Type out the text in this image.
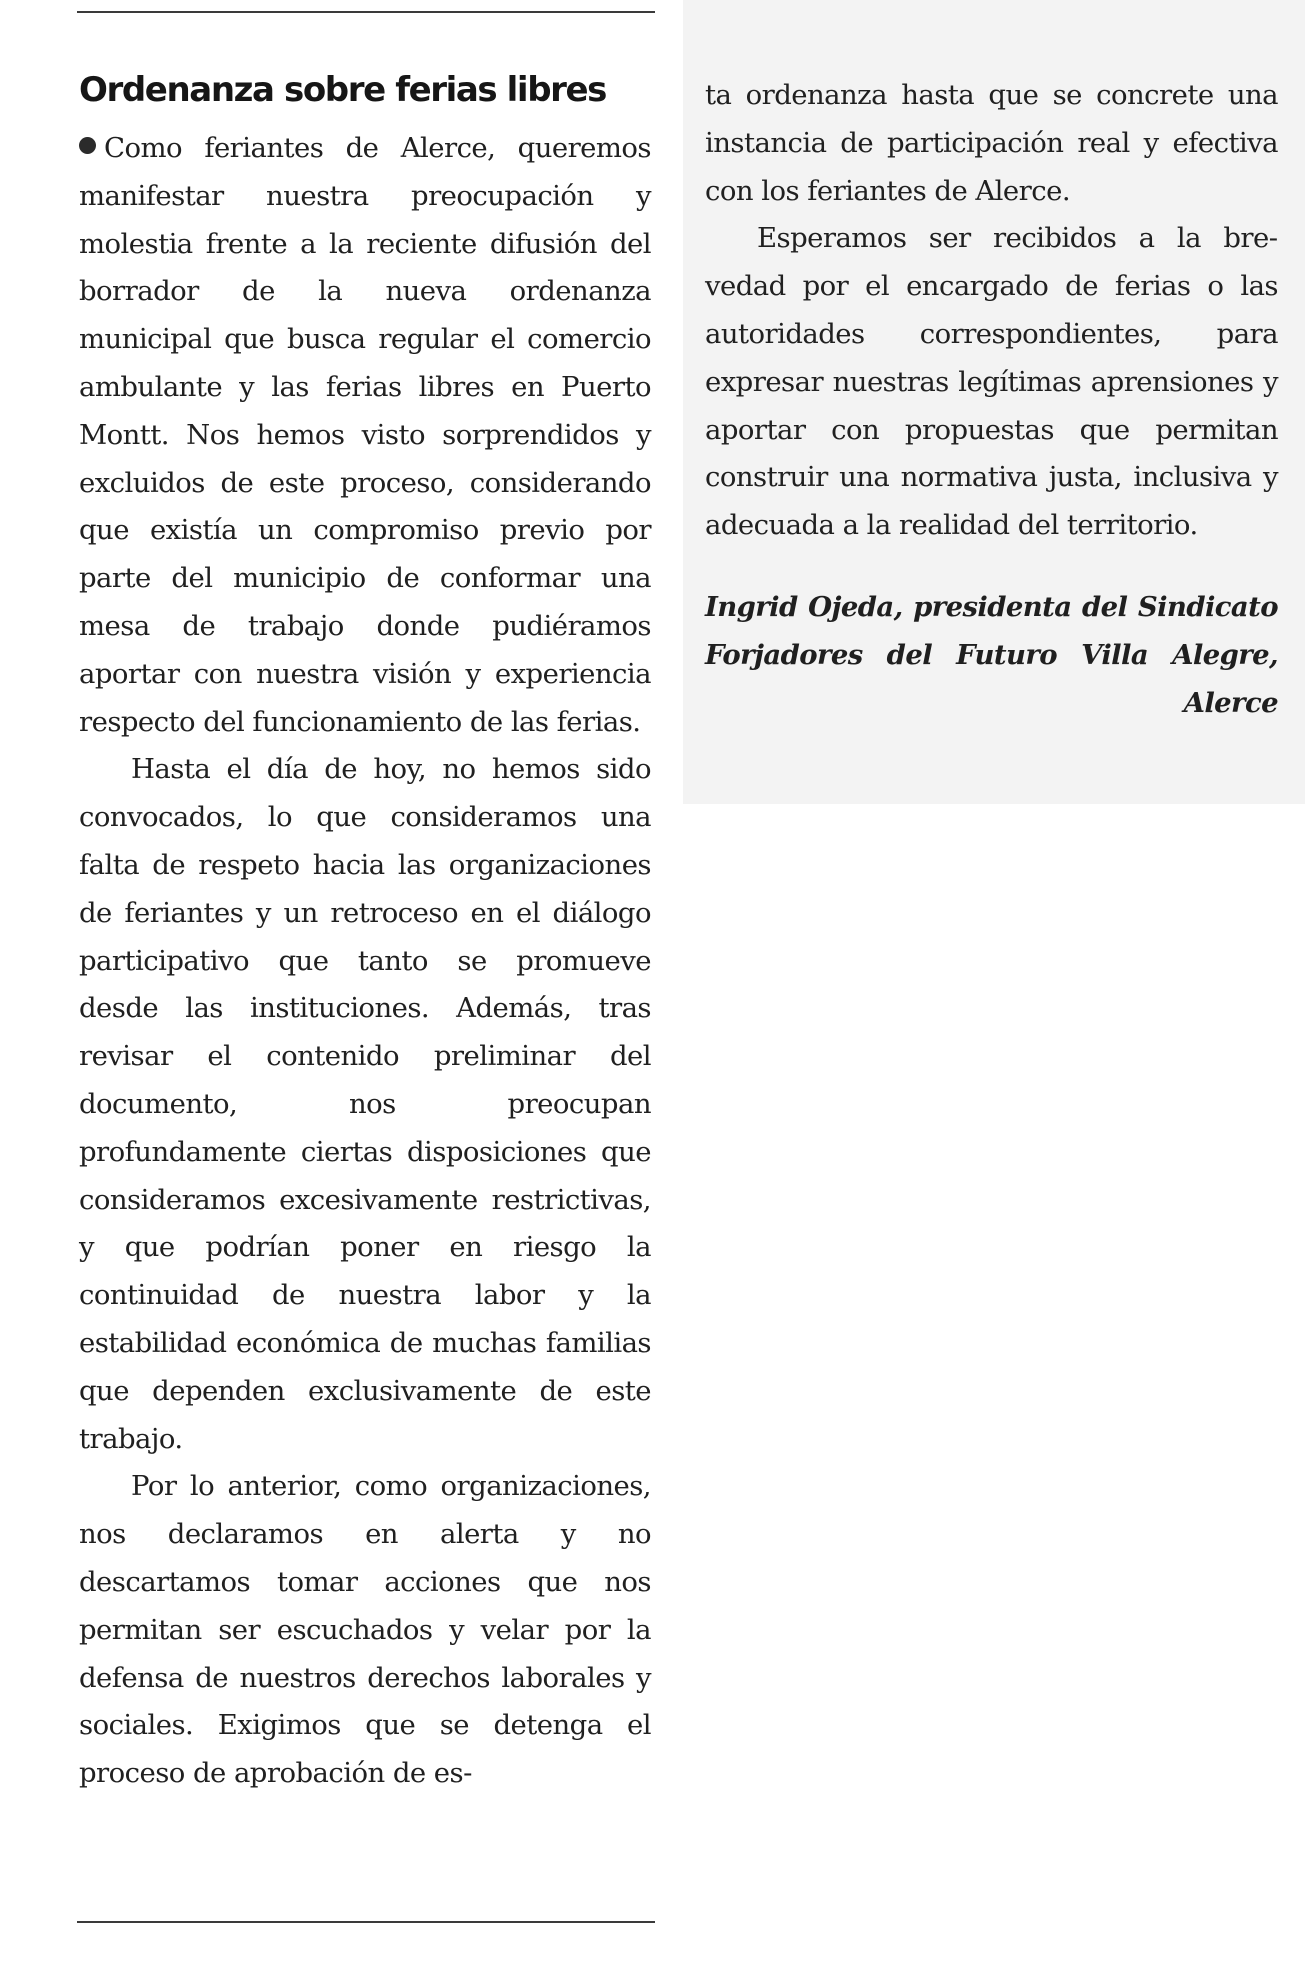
Ordenanza sobre ferias libres

Como feriantes de Alerce, queremos manifestar nuestra preocupación y molestia frente a la reciente difusión del borrador de la nueva ordenanza municipal que busca regular el comercio ambulante y las ferias libres en Puerto Montt. Nos hemos visto sorprendidos y excluidos de este proceso, considerando que existía un compromiso previo por parte del municipio de conformar una mesa de trabajo donde pudiéramos aportar con nuestra visión y experiencia respecto del funcionamiento de las ferias.

Hasta el día de hoy, no hemos sido convocados, lo que consideramos una falta de respeto hacia las organizaciones de feriantes y un retroceso en el diálogo participativo que tanto se promueve desde las instituciones. Además, tras revisar el contenido preliminar del documento, nos preocupan profundamente ciertas disposiciones que consideramos excesivamente restrictivas, y que podrían poner en riesgo la continuidad de nuestra labor y la estabilidad económica de muchas familias que dependen exclusivamente de este trabajo.

Por lo anterior, como organizaciones, nos declaramos en alerta y no descartamos tomar acciones que nos permitan ser escuchados y velar por la defensa de nuestros derechos laborales y sociales. Exigimos que se detenga el proceso de aprobación de es-

ta ordenanza hasta que se concrete una instancia de participación real y efectiva con los feriantes de Alerce.

Esperamos ser recibidos a la brevedad por el encargado de ferias o las autoridades correspondientes, para expresar nuestras legítimas aprensiones y aportar con propuestas que permitan construir una normativa justa, inclusiva y adecuada a la realidad del territorio.

Ingrid Ojeda, presidenta del Sindicato Forjadores del Futuro Villa Alegre, Alerce
